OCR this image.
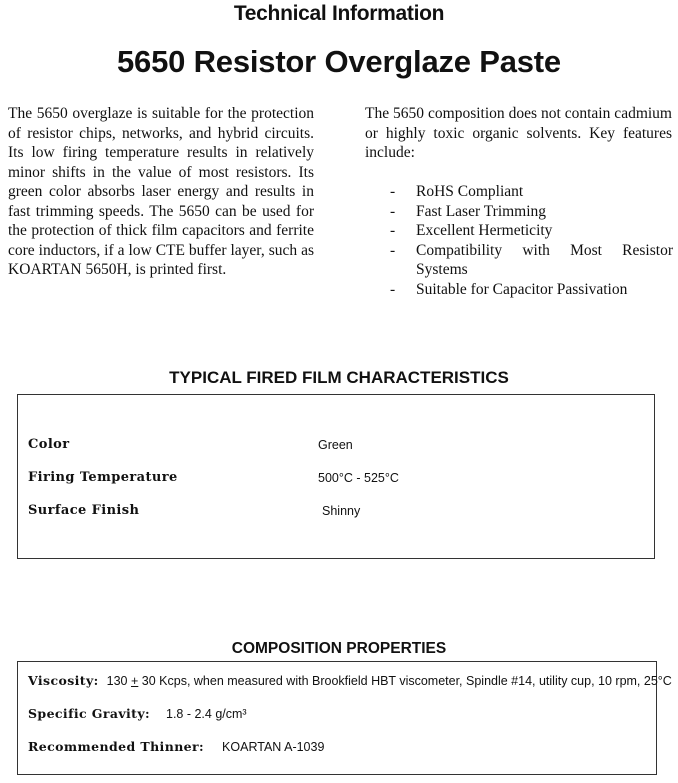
Technical Information
5650 Resistor Overglaze Paste

The 5650 overglaze is suitable for the protection of resistor chips, networks, and hybrid circuits. Its low firing temperature results in relatively minor shifts in the value of most resistors. Its green color absorbs laser energy and results in fast trimming speeds. The 5650 can be used for the protection of thick film capacitors and ferrite core inductors, if a low CTE buffer layer, such as KOARTAN 5650H, is printed first.

The 5650 composition does not contain cadmium or highly toxic organic solvents. Key features include:

- RoHS Compliant
- Fast Laser Trimming
- Excellent Hermeticity
- Compatibility with Most Resistor Systems
- Suitable for Capacitor Passivation
TYPICAL FIRED FILM CHARACTERISTICS
Color	Green
Firing Temperature	500°C - 525°C
Surface Finish	Shinny
COMPOSITION PROPERTIES
Viscosity: 130 + 30 Kcps, when measured with Brookfield HBT viscometer, Spindle #14, utility cup, 10 rpm, 25°C
Specific Gravity: 1.8 - 2.4 g/cm³
Recommended Thinner: KOARTAN A-1039
